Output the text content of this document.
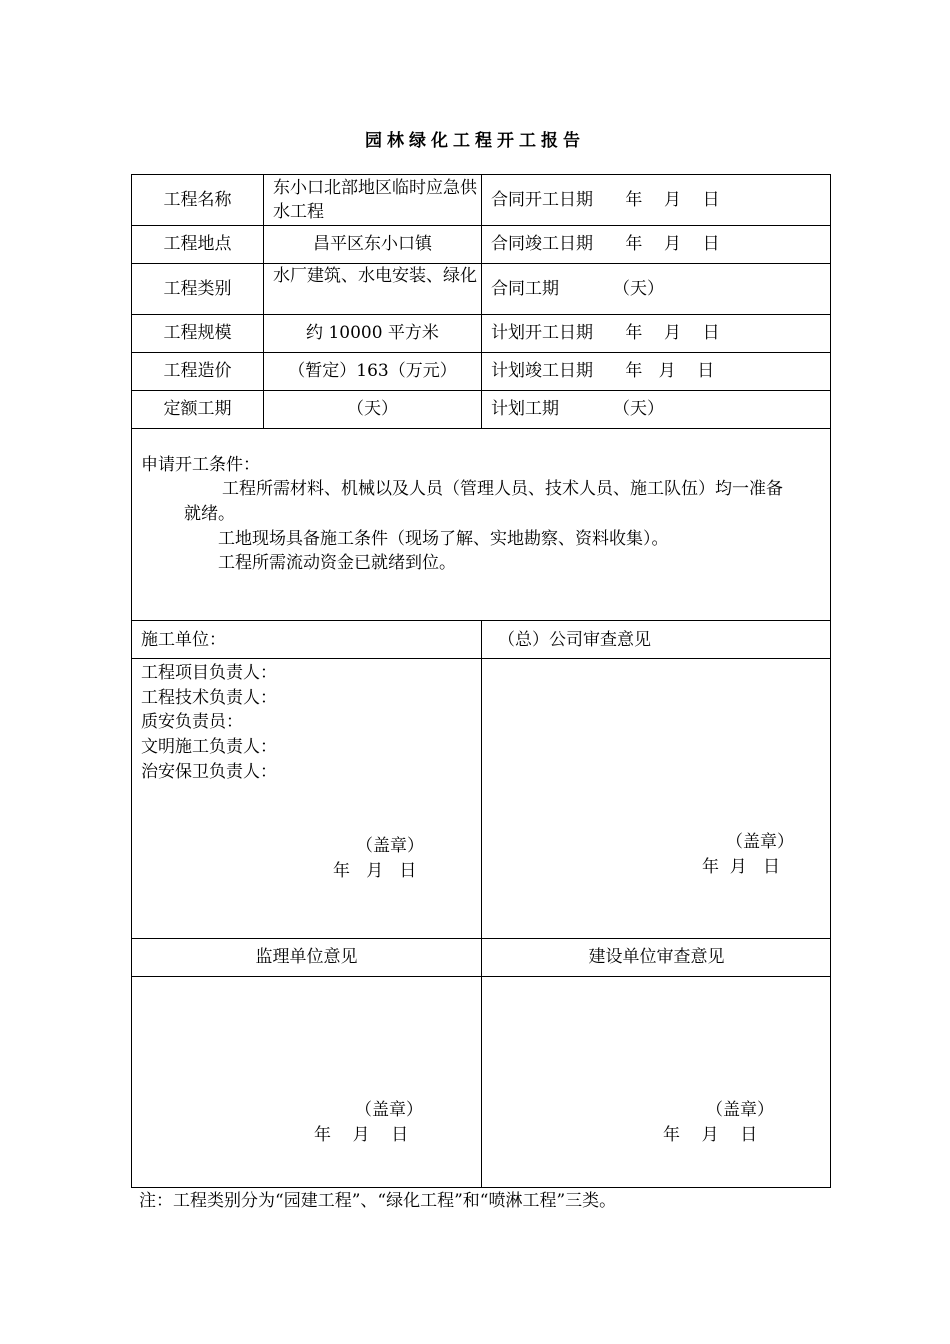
园林绿化工程开工报告
工程名称
工程地点
工程类别
工程规模
工程造价
定额工期
东小口北部地区临时应急供水工程
昌平区东小口镇
水厂建筑、水电安装、绿化
约 10000 平方米
（暂定）163（万元）
（天）
合同开工日期      年    月    日
合同竣工日期      年    月    日
合同工期          （天）
计划开工日期      年    月    日
计划竣工日期      年   月    日
计划工期          （天）
申请开工条件：
工程所需材料、机械以及人员（管理人员、技术人员、施工队伍）均一准备
就绪。
工地现场具备施工条件（现场了解、实地勘察、资料收集）。
工程所需流动资金已就绪到位。
施工单位：	（总）公司审查意见
工程项目负责人：
工程技术负责人：
质安负责员：
文明施工负责人：
治安保卫负责人：
（盖章）
年   月   日
（盖章）
年  月   日
监理单位意见	建设单位审查意见
（盖章）
年    月    日
（盖章）
年    月    日
注：工程类别分为“园建工程”、“绿化工程”和“喷淋工程”三类。
